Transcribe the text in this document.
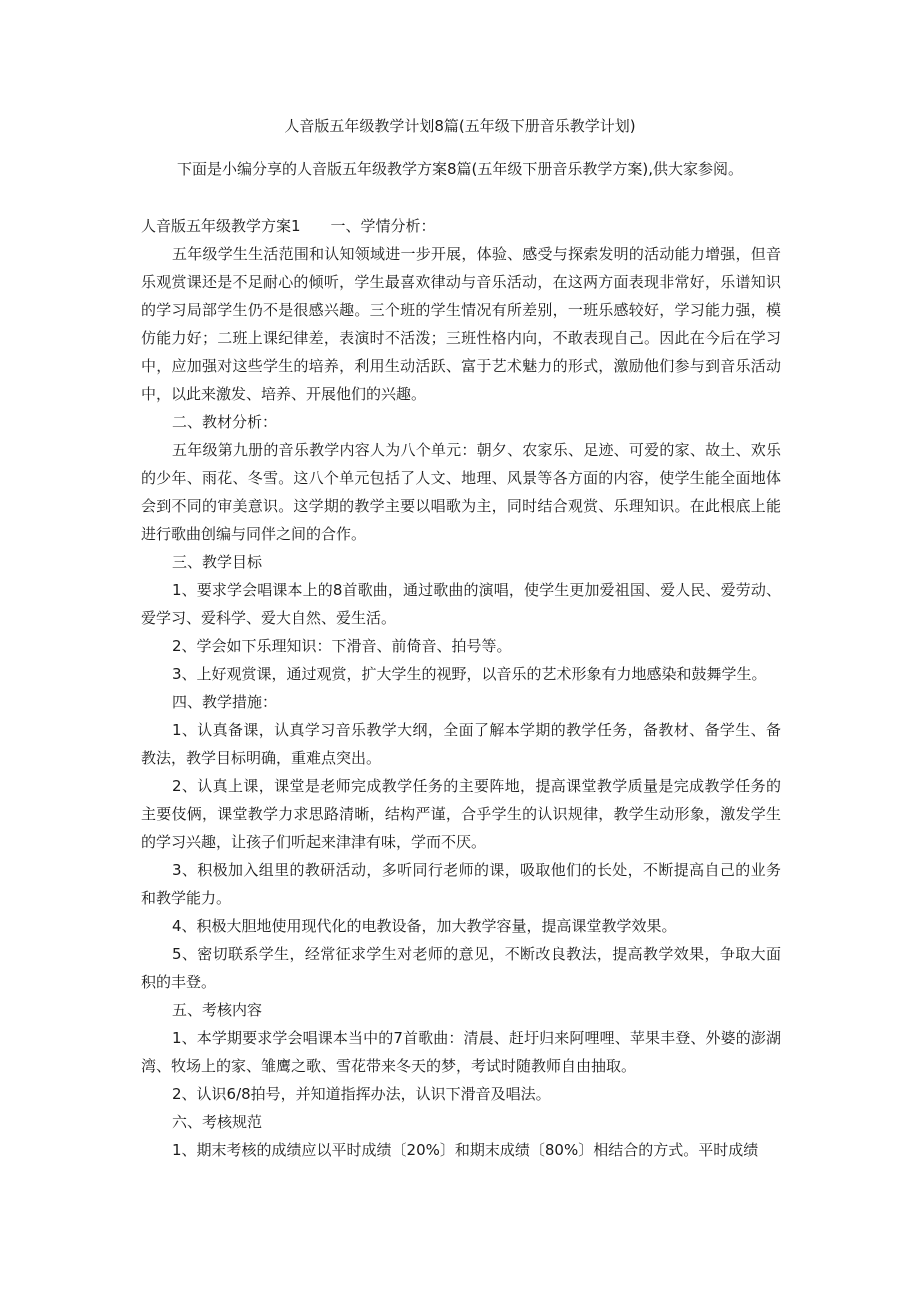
人音版五年级教学计划8篇(五年级下册音乐教学计划)
下面是小编分享的人音版五年级教学方案8篇(五年级下册音乐教学方案),供大家参阅。

人音版五年级教学方案1 一、学情分析：

五年级学生生活范围和认知领域进一步开展，体验、感受与探索发明的活动能力增强，但音乐观赏课还是不足耐心的倾听，学生最喜欢律动与音乐活动，在这两方面表现非常好，乐谱知识的学习局部学生仍不是很感兴趣。三个班的学生情况有所差别，一班乐感较好，学习能力强，模仿能力好；二班上课纪律差，表演时不活泼；三班性格内向，不敢表现自己。因此在今后在学习中，应加强对这些学生的培养，利用生动活跃、富于艺术魅力的形式，激励他们参与到音乐活动中，以此来激发、培养、开展他们的兴趣。

二、教材分析：

五年级第九册的音乐教学内容人为八个单元：朝夕、农家乐、足迹、可爱的家、故土、欢乐的少年、雨花、冬雪。这八个单元包括了人文、地理、风景等各方面的内容，使学生能全面地体会到不同的审美意识。这学期的教学主要以唱歌为主，同时结合观赏、乐理知识。在此根底上能进行歌曲创编与同伴之间的合作。

三、教学目标

1、要求学会唱课本上的8首歌曲，通过歌曲的演唱，使学生更加爱祖国、爱人民、爱劳动、爱学习、爱科学、爱大自然、爱生活。

2、学会如下乐理知识：下滑音、前倚音、拍号等。

3、上好观赏课，通过观赏，扩大学生的视野，以音乐的艺术形象有力地感染和鼓舞学生。

四、教学措施：

1、认真备课，认真学习音乐教学大纲，全面了解本学期的教学任务，备教材、备学生、备教法，教学目标明确，重难点突出。

2、认真上课，课堂是老师完成教学任务的主要阵地，提高课堂教学质量是完成教学任务的主要伎俩，课堂教学力求思路清晰，结构严谨，合乎学生的认识规律，教学生动形象，激发学生的学习兴趣，让孩子们听起来津津有味，学而不厌。

3、积极加入组里的教研活动，多听同行老师的课，吸取他们的长处，不断提高自己的业务和教学能力。

4、积极大胆地使用现代化的电教设备，加大教学容量，提高课堂教学效果。

5、密切联系学生，经常征求学生对老师的意见，不断改良教法，提高教学效果，争取大面积的丰登。

五、考核内容

1、本学期要求学会唱课本当中的7首歌曲：清晨、赶圩归来阿哩哩、苹果丰登、外婆的澎湖湾、牧场上的家、雏鹰之歌、雪花带来冬天的梦，考试时随教师自由抽取。

2、认识6/8拍号，并知道指挥办法，认识下滑音及唱法。

六、考核规范

1、期末考核的成绩应以平时成绩〔20%〕和期末成绩〔80%〕相结合的方式。平时成绩
